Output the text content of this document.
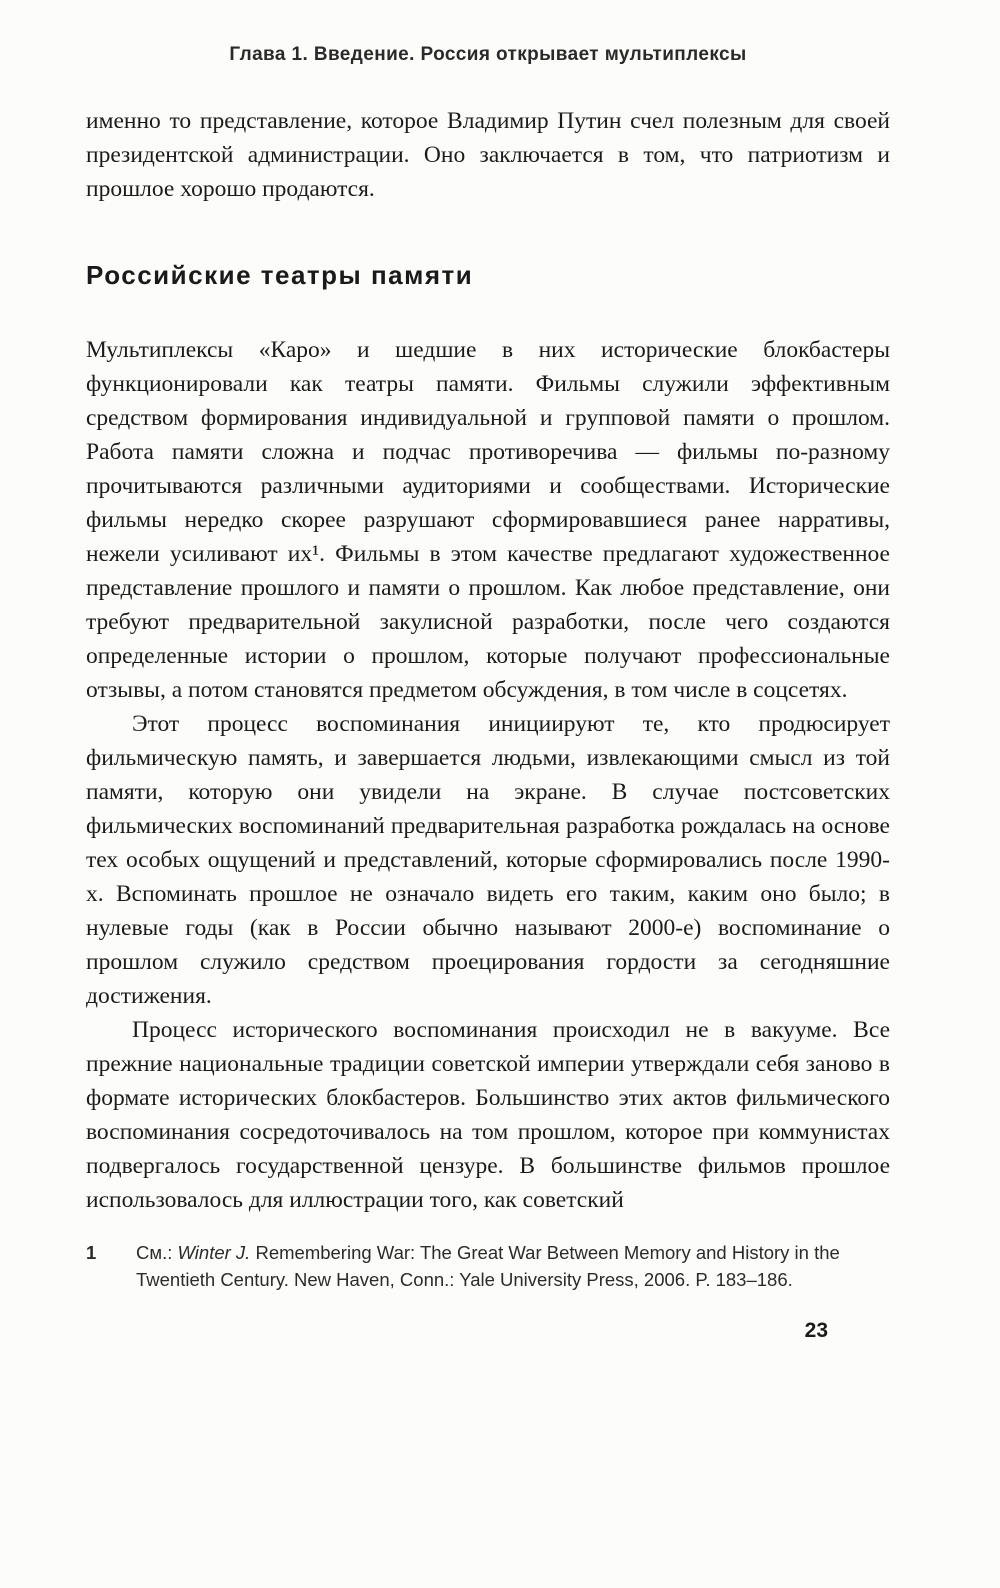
Глава 1. Введение. Россия открывает мультиплексы

именно то представление, которое Владимир Путин счел полезным для своей президентской администрации. Оно заключается в том, что патриотизм и прошлое хорошо продаются.

Российские театры памяти

Мультиплексы «Каро» и шедшие в них исторические блокбастеры функционировали как театры памяти. Фильмы служили эффективным средством формирования индивидуальной и групповой памяти о прошлом. Работа памяти сложна и подчас противоречива — фильмы по-разному прочитываются различными аудиториями и сообществами. Исторические фильмы нередко скорее разрушают сформировавшиеся ранее нарративы, нежели усиливают их¹. Фильмы в этом качестве предлагают художественное представление прошлого и памяти о прошлом. Как любое представление, они требуют предварительной закулисной разработки, после чего создаются определенные истории о прошлом, которые получают профессиональные отзывы, а потом становятся предметом обсуждения, в том числе в соцсетях.

Этот процесс воспоминания инициируют те, кто продюсирует фильмическую память, и завершается людьми, извлекающими смысл из той памяти, которую они увидели на экране. В случае постсоветских фильмических воспоминаний предварительная разработка рождалась на основе тех особых ощущений и представлений, которые сформировались после 1990-х. Вспоминать прошлое не означало видеть его таким, каким оно было; в нулевые годы (как в России обычно называют 2000-е) воспоминание о прошлом служило средством проецирования гордости за сегодняшние достижения.

Процесс исторического воспоминания происходил не в вакууме. Все прежние национальные традиции советской империи утверждали себя заново в формате исторических блокбастеров. Большинство этих актов фильмического воспоминания сосредоточивалось на том прошлом, которое при коммунистах подвергалось государственной цензуре. В большинстве фильмов прошлое использовалось для иллюстрации того, как советский

1	См.: Winter J. Remembering War: The Great War Between Memory and History in the Twentieth Century. New Haven, Conn.: Yale University Press, 2006. P. 183–186.

23
